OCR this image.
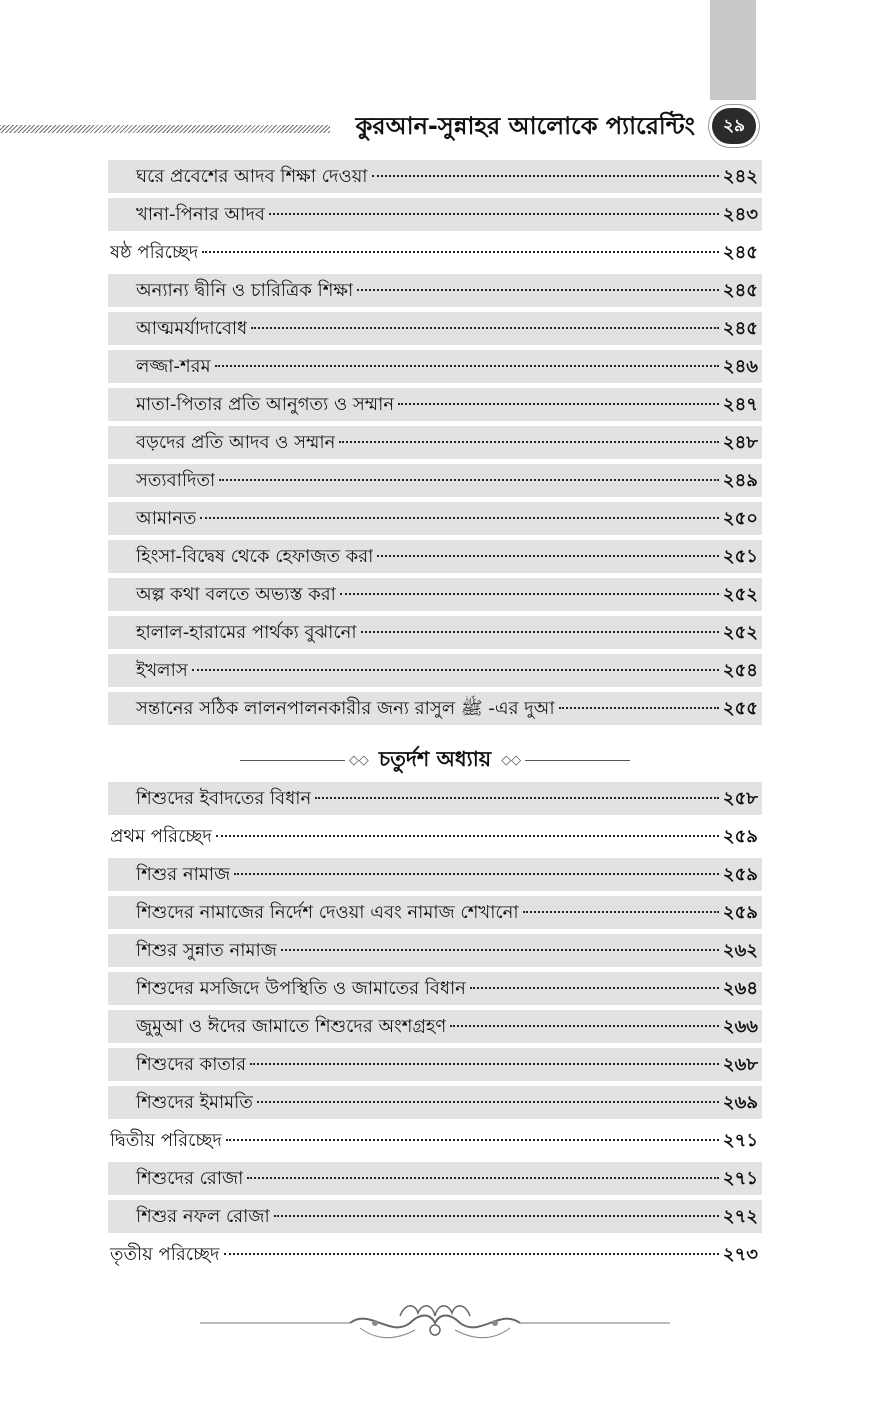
কুরআন-সুন্নাহর আলোকে প্যারেন্টিং	২৯
ঘরে প্রবেশের আদব শিক্ষা দেওয়া	২৪২
খানা-পিনার আদব	২৪৩
ষষ্ঠ পরিচ্ছেদ	২৪৫
অন্যান্য দ্বীনি ও চারিত্রিক শিক্ষা	২৪৫
আত্মমর্যাদাবোধ	২৪৫
লজ্জা-শরম	২৪৬
মাতা-পিতার প্রতি আনুগত্য ও সম্মান	২৪৭
বড়দের প্রতি আদব ও সম্মান	২৪৮
সত্যবাদিতা	২৪৯
আমানত	২৫০
হিংসা-বিদ্বেষ থেকে হেফাজত করা	২৫১
অল্প কথা বলতে অভ্যস্ত করা	২৫২
হালাল-হারামের পার্থক্য বুঝানো	২৫২
ইখলাস	২৫৪
সন্তানের সঠিক লালনপালনকারীর জন্য রাসুল ﷺ -এর দুআ	২৫৫
◇◇ চতুর্দশ অধ্যায় ◇◇
শিশুদের ইবাদতের বিধান	২৫৮
প্রথম পরিচ্ছেদ	২৫৯
শিশুর নামাজ	২৫৯
শিশুদের নামাজের নির্দেশ দেওয়া এবং নামাজ শেখানো	২৫৯
শিশুর সুন্নাত নামাজ	২৬২
শিশুদের মসজিদে উপস্থিতি ও জামাতের বিধান	২৬৪
জুমুআ ও ঈদের জামাতে শিশুদের অংশগ্রহণ	২৬৬
শিশুদের কাতার	২৬৮
শিশুদের ইমামতি	২৬৯
দ্বিতীয় পরিচ্ছেদ	২৭১
শিশুদের রোজা	২৭১
শিশুর নফল রোজা	২৭২
তৃতীয় পরিচ্ছেদ	২৭৩
